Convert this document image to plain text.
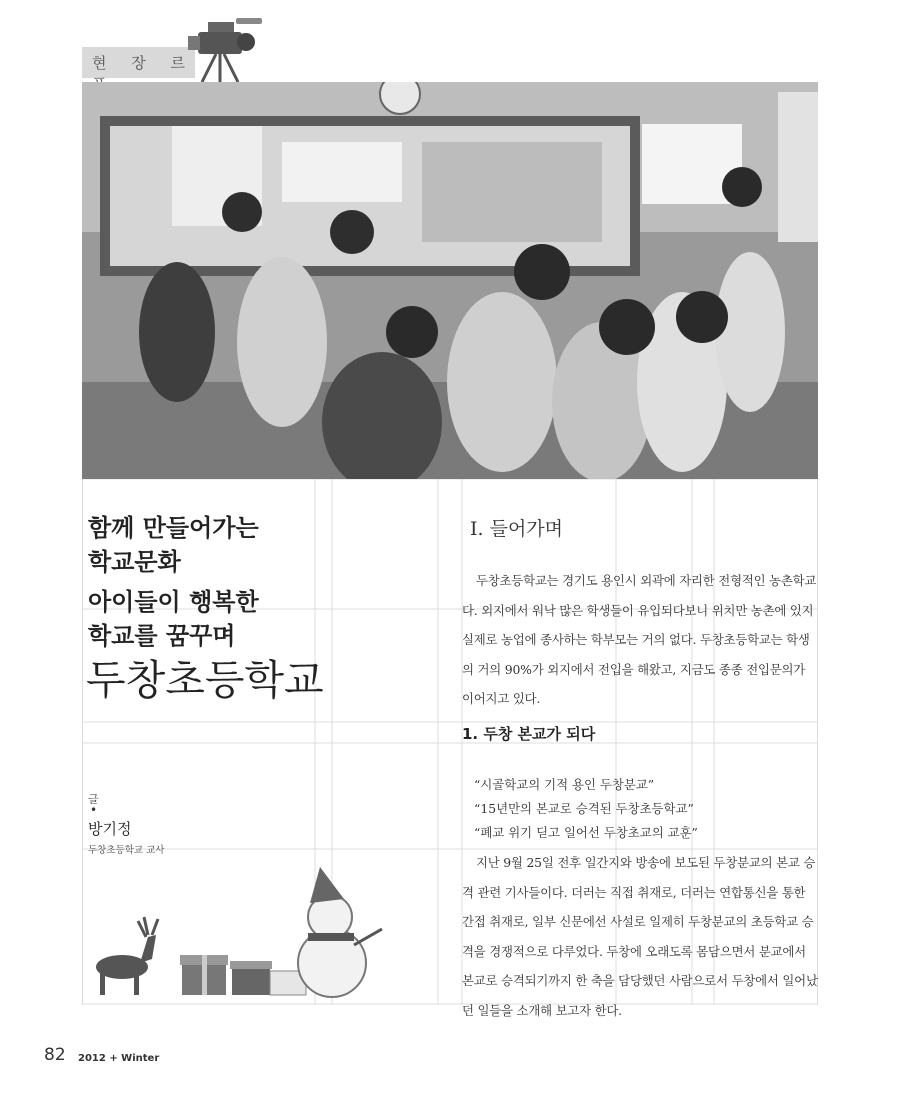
현 장 르
함께 만들어가는
학교문화
아이들이 행복한
학교를 꿈꾸며
두창초등학교
글
•
방기정
두창초등학교 교사
Ⅰ. 들어가며

두창초등학교는 경기도 용인시 외곽에 자리한 전형적인 농촌학교다. 외지에서 워낙 많은 학생들이 유입되다보니 위치만 농촌에 있지 실제로 농업에 종사하는 학부모는 거의 없다. 두창초등학교는 학생의 거의 90%가 외지에서 전입을 해왔고, 지금도 종종 전입문의가 이어지고 있다.

1. 두창 본교가 되다
“시골학교의 기적 용인 두창분교”
“15년만의 본교로 승격된 두창초등학교”
“폐교 위기 딛고 일어선 두창초교의 교훈”

지난 9월 25일 전후 일간지와 방송에 보도된 두창분교의 본교 승격 관련 기사들이다. 더러는 직접 취재로, 더러는 연합통신을 통한 간접 취재로, 일부 신문에선 사설로 일제히 두창분교의 초등학교 승격을 경쟁적으로 다루었다. 두창에 오래도록 몸담으면서 분교에서 본교로 승격되기까지 한 축을 담당했던 사람으로서 두창에서 일어났던 일들을 소개해 보고자 한다.

82 2012 + Winter
